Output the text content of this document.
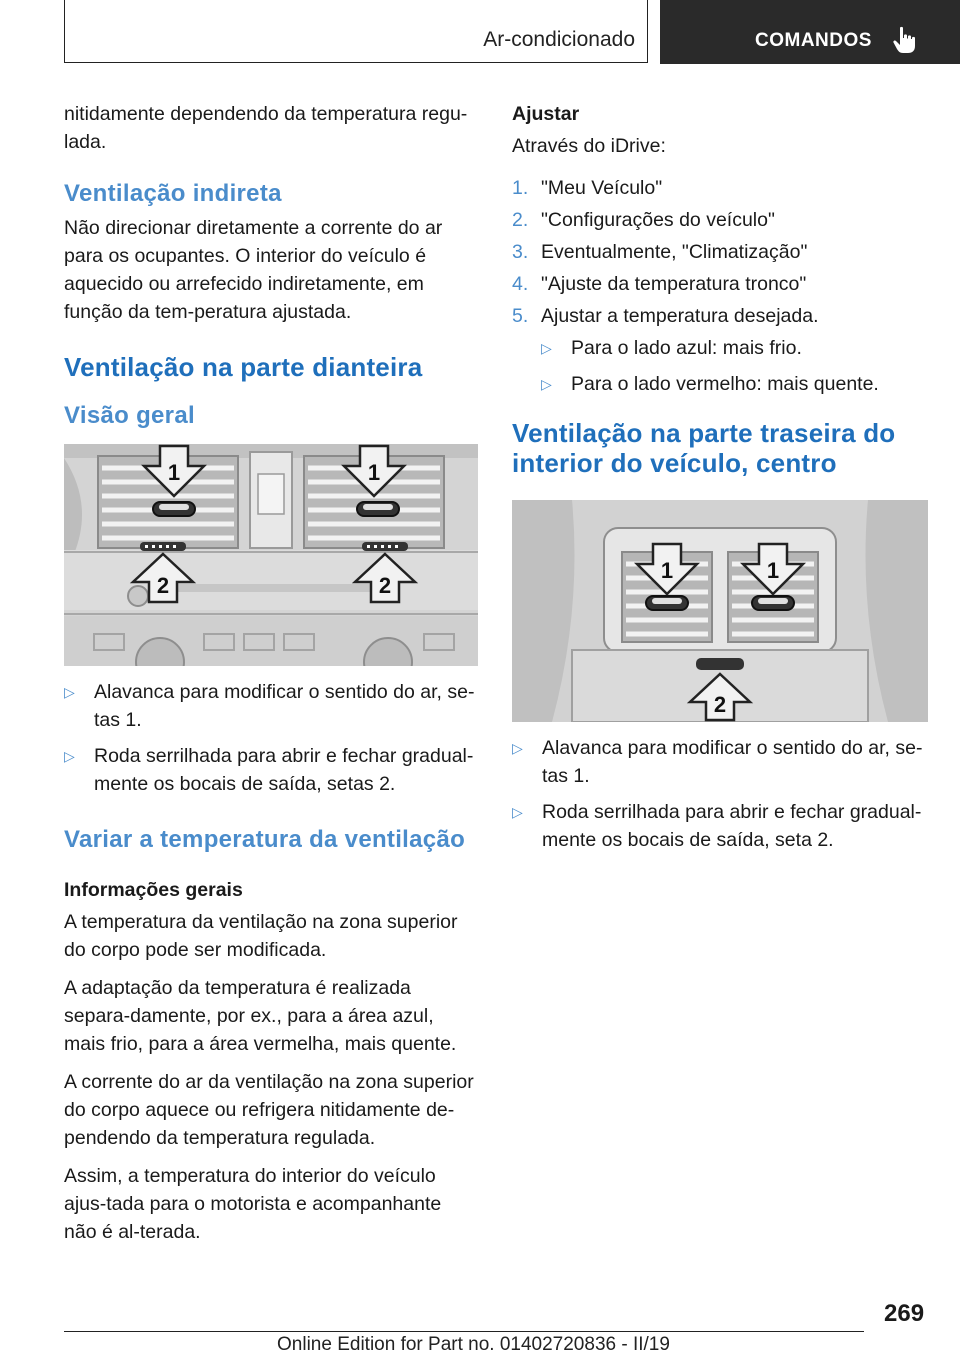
Ar-condicionado	COMANDOS

nitidamente dependendo da temperatura regu-lada.

Ventilação indireta

Não direcionar diretamente a corrente do ar para os ocupantes. O interior do veículo é aquecido ou arrefecido indiretamente, em função da tem-peratura ajustada.

Ventilação na parte dianteira
Visão geral
1	1
2	2
▷ Alavanca para modificar o sentido do ar, se-tas 1.
▷ Roda serrilhada para abrir e fechar gradual-mente os bocais de saída, setas 2.
Variar a temperatura da ventilação
Informações gerais

A temperatura da ventilação na zona superior do corpo pode ser modificada.

A adaptação da temperatura é realizada separa-damente, por ex., para a área azul, mais frio, para a área vermelha, mais quente.

A corrente do ar da ventilação na zona superior do corpo aquece ou refrigera nitidamente de-pendendo da temperatura regulada.

Assim, a temperatura do interior do veículo ajus-tada para o motorista e acompanhante não é al-terada.

Ajustar

Através do iDrive:

1. "Meu Veículo"
2. "Configurações do veículo"
3. Eventualmente, "Climatização"
4. "Ajuste da temperatura tronco"
5. Ajustar a temperatura desejada.
▷ Para o lado azul: mais frio.
▷ Para o lado vermelho: mais quente.
Ventilação na parte traseira do interior do veículo, centro
1	1
2
▷ Alavanca para modificar o sentido do ar, se-tas 1.
▷ Roda serrilhada para abrir e fechar gradual-mente os bocais de saída, seta 2.
269
Online Edition for Part no. 01402720836 - II/19
